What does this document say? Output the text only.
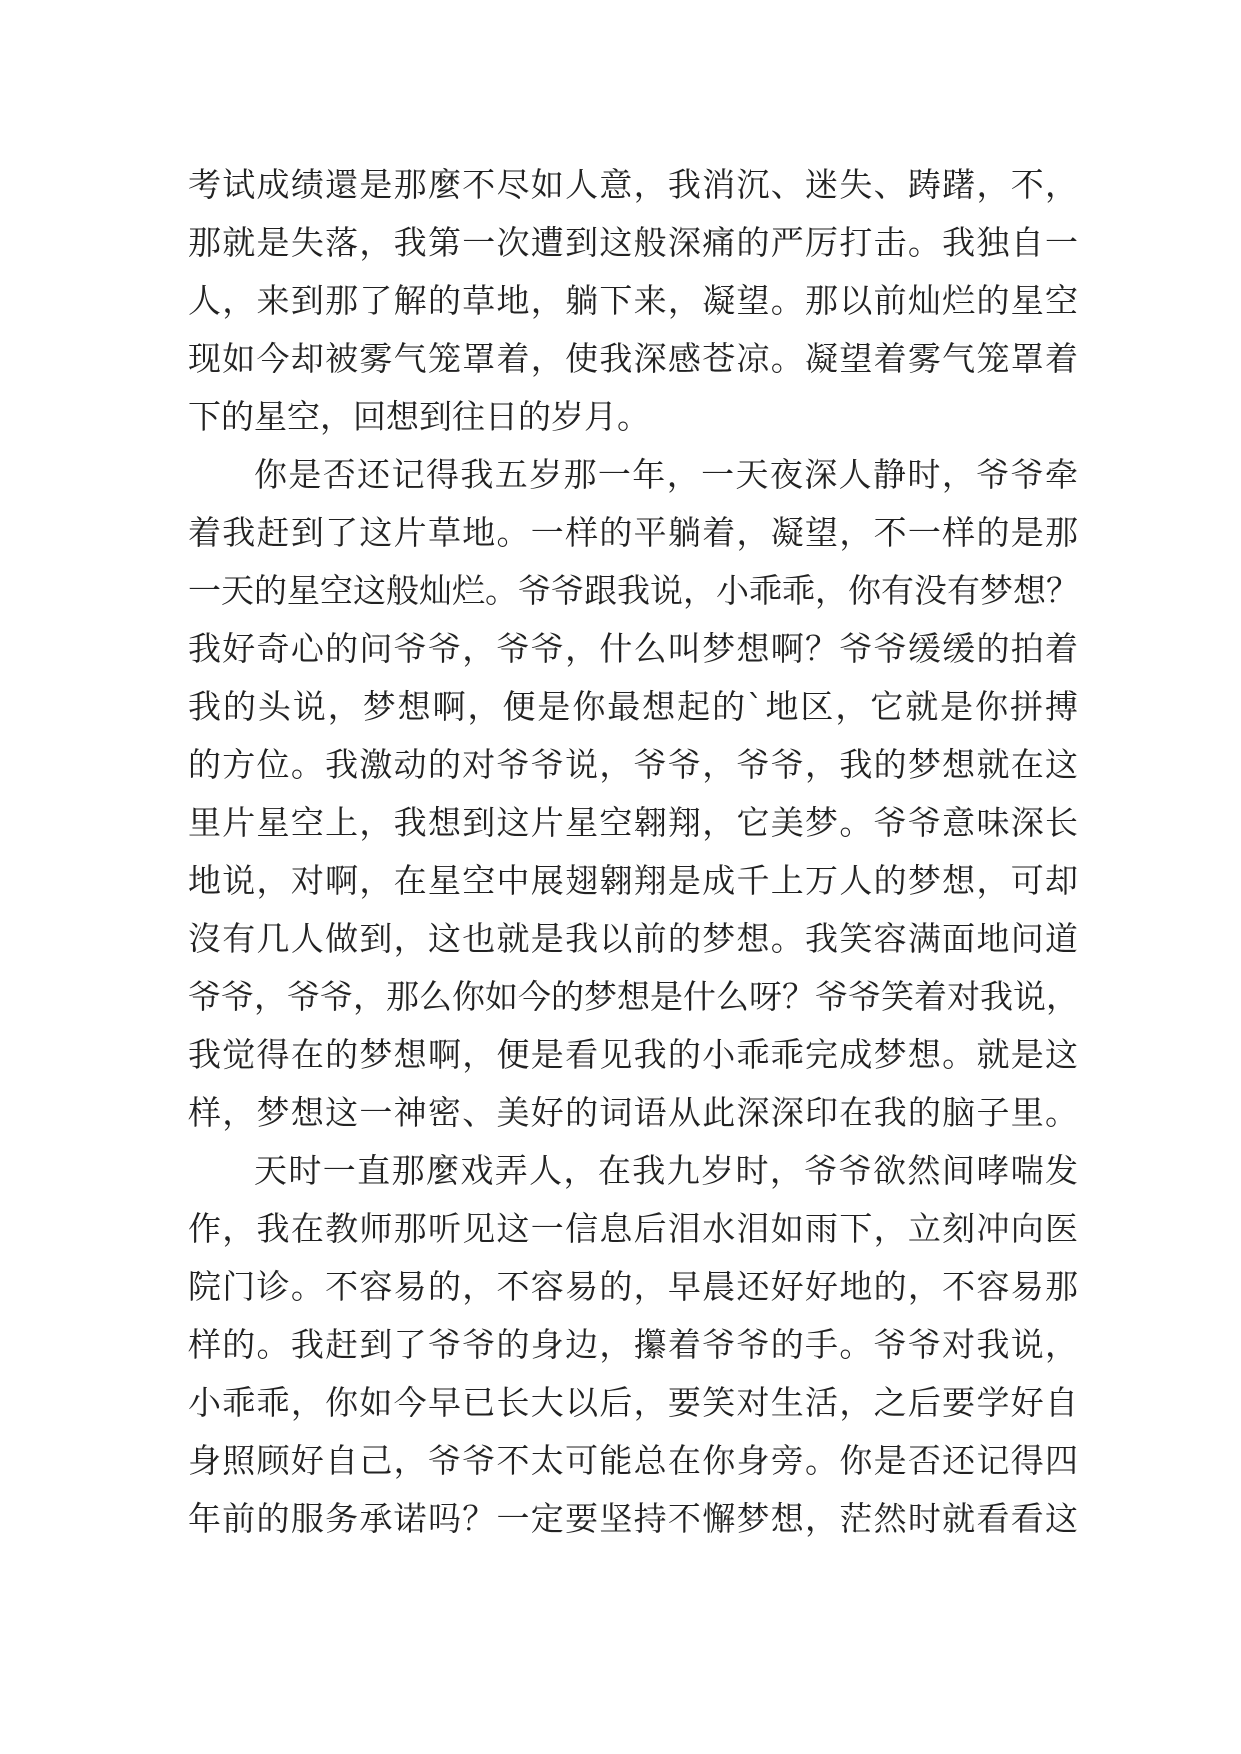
考试成绩還是那麼不尽如人意，我消沉、迷失、踌躇，不，
那就是失落，我第一次遭到这般深痛的严厉打击。我独自一
人，来到那了解的草地，躺下来，凝望。那以前灿烂的星空
现如今却被雾气笼罩着，使我深感苍凉。凝望着雾气笼罩着
下的星空，回想到往日的岁月。
你是否还记得我五岁那一年，一天夜深人静时，爷爷牵
着我赶到了这片草地。一样的平躺着，凝望，不一样的是那
一天的星空这般灿烂。爷爷跟我说，小乖乖，你有没有梦想？
我好奇心的问爷爷，爷爷，什么叫梦想啊？爷爷缓缓的拍着
我的头说，梦想啊，便是你最想起的`地区，它就是你拼搏
的方位。我激动的对爷爷说，爷爷，爷爷，我的梦想就在这
里片星空上，我想到这片星空翱翔，它美梦。爷爷意味深长
地说，对啊，在星空中展翅翱翔是成千上万人的梦想，可却
沒有几人做到，这也就是我以前的梦想。我笑容满面地问道
爷爷，爷爷，那么你如今的梦想是什么呀？爷爷笑着对我说，
我觉得在的梦想啊，便是看见我的小乖乖完成梦想。就是这
样，梦想这一神密、美好的词语从此深深印在我的脑子里。
天时一直那麼戏弄人，在我九岁时，爷爷欲然间哮喘发
作，我在教师那听见这一信息后泪水泪如雨下，立刻冲向医
院门诊。不容易的，不容易的，早晨还好好地的，不容易那
样的。我赶到了爷爷的身边，攥着爷爷的手。爷爷对我说，
小乖乖，你如今早已长大以后，要笑对生活，之后要学好自
身照顾好自己，爷爷不太可能总在你身旁。你是否还记得四
年前的服务承诺吗？一定要坚持不懈梦想，茫然时就看看这
